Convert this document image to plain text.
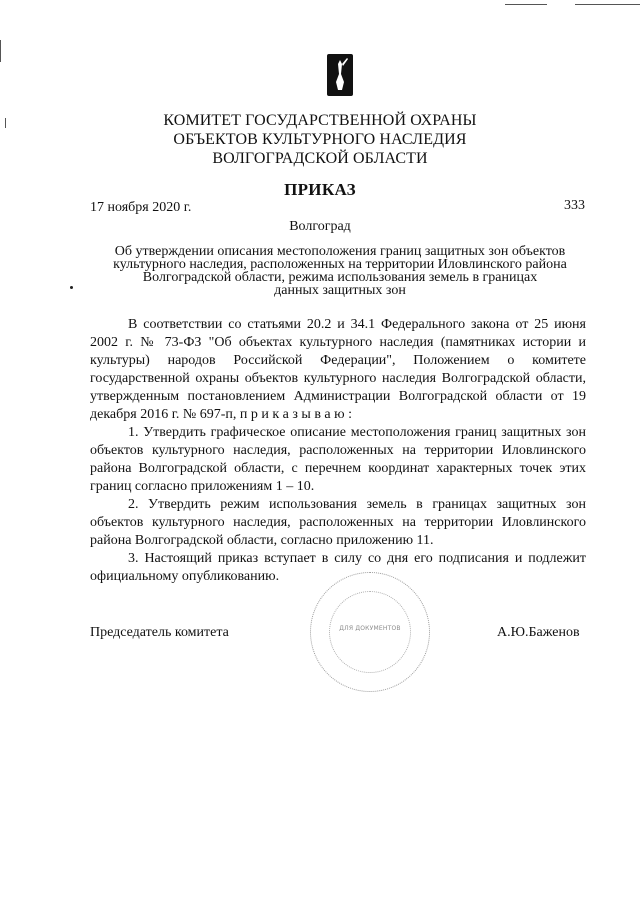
КОМИТЕТ ГОСУДАРСТВЕННОЙ ОХРАНЫ
ОБЪЕКТОВ КУЛЬТУРНОГО НАСЛЕДИЯ
ВОЛГОГРАДСКОЙ ОБЛАСТИ
ПРИКАЗ
17 ноября 2020 г.	333
Волгоград
Об утверждении описания местоположения границ защитных зон объектов
культурного наследия, расположенных на территории Иловлинского района
Волгоградской области, режима использования земель в границах
данных защитных зон

В соответствии со статьями 20.2 и 34.1 Федерального закона от 25 июня 2002 г. № 73-ФЗ "Об объектах культурного наследия (памятниках истории и культуры) народов Российской Федерации", Положением о комитете государственной охраны объектов культурного наследия Волгоградской области, утвержденным постановлением Администрации Волгоградской области от 19 декабря 2016 г. № 697-п, п р и к а з ы в а ю :

1. Утвердить графическое описание местоположения границ защитных зон объектов культурного наследия, расположенных на территории Иловлинского района Волгоградской области, с перечнем координат характерных точек этих границ согласно приложениям 1 – 10.

2. Утвердить режим использования земель в границах защитных зон объектов культурного наследия, расположенных на территории Иловлинского района Волгоградской области, согласно приложению 11.

3. Настоящий приказ вступает в силу со дня его подписания и подлежит официальному опубликованию.

ДЛЯ ДОКУМЕНТОВ
Председатель комитета	А.Ю.Баженов
